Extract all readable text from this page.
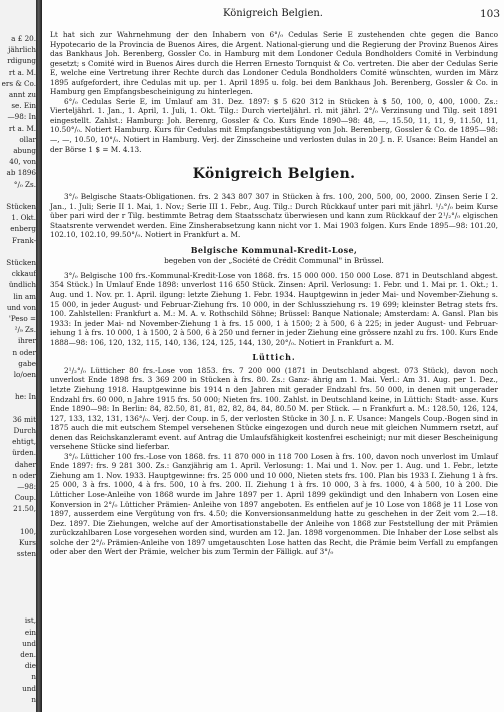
a £ 20.
jährlich
rdigung
rt a. M.
ers & Co.
annt zu
se. Ein
—98: In
rt a. M.
ollar
abung
40, von
ab 1896
°/₀ Zs.
Stücken
1. Okt.
enberg
Frank-
Stücken
ckkauf
ündlich
lin am
und von
'Peso =
²/₉ Zs.
ihrer
n oder
gabe
lo/oen
he: In
36 mit
Durch
ehtigt,
ürden.
daher
n oder
—98:
Coup.
21.50,
100,
Kurs
ssten
ist,
ein
und
den.
die
n
und
n
Königreich Belgien.	103

Lt hat sich zur Wahrnehmung der den Inhabern von 6°/₀ Cedulas Serie E zustehenden chte gegen die Banco Hypotecario de la Provincia de Buenos Aires, die Argent. National-gierung und die Regierung der Provinz Buenos Aires das Bankhaus Joh. Berenberg, Gossler Co. in Hamburg mit dem Londoner Cedula Bondholders Comité in Verbindung gesetzt; s Comité wird in Buenos Aires durch die Herren Ernesto Tornquist & Co. vertreten. Die aber der Cedulas Serie E, welche eine Vertretung ihrer Rechte durch das Londoner Cedula Bondholders Comité wünschten, wurden im März 1895 aufgefordert, ihre Cedulas mit up. per 1. April 1895 u. folg. bei dem Bankhaus Joh. Berenberg, Gossler & Co. in Hamburg gen Empfangsbescheinigung zu hinterlegen.

6°/₀ Cedulas Serie E, im Umlauf am 31. Dez. 1897: $ 5 620 312 in Stücken à $ 50, 100, 0, 400, 1000. Zs.: Vierteljährl. 1. Jan., 1. April, 1. Juli, 1. Okt. Tilg.: Durch vierteljährl. rl. mit jährl. 2°/₀ Verzinsung und Tilg. seit 1891 eingestellt. Zahlst.: Hamburg: Joh. Berenrg, Gossler & Co. Kurs Ende 1890—98: 48, —, 15.50, 11, 11, 9, 11.50, 11, 10.50°/₀. Notiert Hamburg. Kurs für Cedulas mit Empfangsbestätigung von Joh. Berenberg, Gossler & Co. de 1895—98: —, —, 10.50, 10°/₀. Notiert in Hamburg. Verj. der Zinsscheine und verlosten dulas in 20 J. n. F. Usance: Beim Handel an der Börse 1 $ = M. 4.13.

Königreich Belgien.

3°/₀ Belgische Staats-Obligationen. frs. 2 343 807 307 in Stücken à frs. 100, 200, 500, 00, 2000. Zinsen Serie I 2. Jan., 1. Juli; Serie II 1. Mai, 1. Nov.; Serie III 1. Febr., Aug. Tilg.: Durch Rückkauf unter pari mit jährl. ¹/₂°/₀ beim Kurse über pari wird der r Tilg. bestimmte Betrag dem Staatsschatz überwiesen und kann zum Rückkauf der 2¹/₂°/₀ elgischen Staatsrente verwendet werden. Eine Zinsherabsetzung kann nicht vor 1. Mai 1903 folgen. Kurs Ende 1895—98: 101.20, 102.10, 102.10, 99.50°/₀. Notiert in Frankfurt a. M.

Belgische Kommunal-Kredit-Lose,
begeben von der „Société de Crédit Communal" in Brüssel.

3°/₀ Belgische 100 frs.-Kommunal-Kredit-Lose von 1868. frs. 15 000 000. 150 000 Lose. 871 in Deutschland abgest. 354 Stück.) In Umlauf Ende 1898: unverlost 116 650 Stück. Zinsen: April. Verlosung: 1. Febr. und 1. Mai pr. 1. Okt.; 1. Aug. und 1. Nov. pr. 1. April. ilgung: letzte Ziehung 1. Febr. 1934. Hauptgewinn in jeder Mai- und November-Ziehung s. 15 000, in jeder August- und Februar-Ziehung frs. 10 000, in der Schlussziehung rs. 19 699; kleinster Betrag stets frs. 100. Zahlstellen: Frankfurt a. M.: M. A. v. Rothschild Söhne; Brüssel: Banque Nationale; Amsterdam: A. Gansl. Plan bis 1933: In jeder Mai- nd November-Ziehung 1 à frs. 15 000, 1 à 1500; 2 à 500, 6 à 225; in jeder August- und Februar- iehung 1 à frs. 10 000, 1 à 1500, 2 à 500, 6 à 250 und ferner in jeder Ziehung eine grössere nzahl zu frs. 100. Kurs Ende 1888—98: 106, 120, 132, 115, 140, 136, 124, 125, 144, 130, 20°/₀. Notiert in Frankfurt a. M.

Lüttich.

2¹/₂°/₀ Lütticher 80 frs.-Lose von 1853. frs. 7 200 000 (1871 in Deutschland abgest. 073 Stück), davon noch unverlost Ende 1898 frs. 3 369 200 in Stücken à frs. 80. Zs.: Ganz- ährig am 1. Mai. Verl.: Am 31. Aug. per 1. Dez., letzte Ziehung 1918. Hauptgewinne bis 1914 n den Jahren mit gerader Endzahl frs. 50 000, in denen mit ungerader Endzahl frs. 60 000, n Jahre 1915 frs. 50 000; Nieten frs. 100. Zahlst. in Deutschland keine, in Lüttich: Stadt- asse. Kurs Ende 1890—98: In Berlin: 84, 82.50, 81, 81, 82, 82, 84, 84, 80.50 M. per Stück. — n Frankfurt a. M.: 128.50, 126, 124, 127, 133, 132, 131, 136°/₀. Verj. der Coup. in 5, der verlosten Stücke in 30 J. n. F. Usance: Mangels Coup.-Bogen sind in 1875 auch die mit eutschem Stempel versehenen Stücke eingezogen und durch neue mit gleichen Nummern rsetzt, auf denen das Reichskanzleramt event. auf Antrag die Umlaufsfähigkeit kostenfrei escheinigt; nur mit dieser Bescheinigung versehene Stücke sind lieferbar.

3°/₀ Lütticher 100 frs.-Lose von 1868. frs. 11 870 000 in 118 700 Losen à frs. 100, davon noch unverlost im Umlauf Ende 1897: frs. 9 281 300. Zs.: Ganzjährig am 1. April. Verlosung: 1. Mai und 1. Nov. per 1. Aug. und 1. Febr., letzte Ziehung am 1. Nov. 1933. Hauptgewinne: frs. 25 000 und 10 000, Nieten stets frs. 100. Plan bis 1933 I. Ziehung 1 à frs. 25 000, 3 à frs. 1000, 4 à frs. 500, 10 à frs. 200. II. Ziehung 1 à frs. 10 000, 3 à frs. 1000, 4 à 500, 10 à 200. Die Lütticher Lose-Anleihe von 1868 wurde im Jahre 1897 per 1. April 1899 gekündigt und den Inhabern von Losen eine Konversion in 2°/₀ Lütticher Prämien- Anleihe von 1897 angeboten. Es entfielen auf je 10 Lose von 1868 je 11 Lose von 1897, ausserdem eine Vergütung von frs. 4.50; die Konversionsanmeldung hatte zu geschehen in der Zeit vom 2.—18. Dez. 1897. Die Ziehungen, welche auf der Amortisationstabelle der Anleihe von 1868 zur Feststellung der mit Prämien zurückzahlbaren Lose vorgesehen worden sind, wurden am 12. Jan. 1898 vorgenommen. Die Inhaber der Lose selbst als solche der 2°/₀ Prämien-Anleihe von 1897 umgetauschten Lose hatten das Recht, die Prämie beim Verfall zu empfangen oder aber den Wert der Prämie, welcher bis zum Termin der Fälligk. auf 3°/₀
